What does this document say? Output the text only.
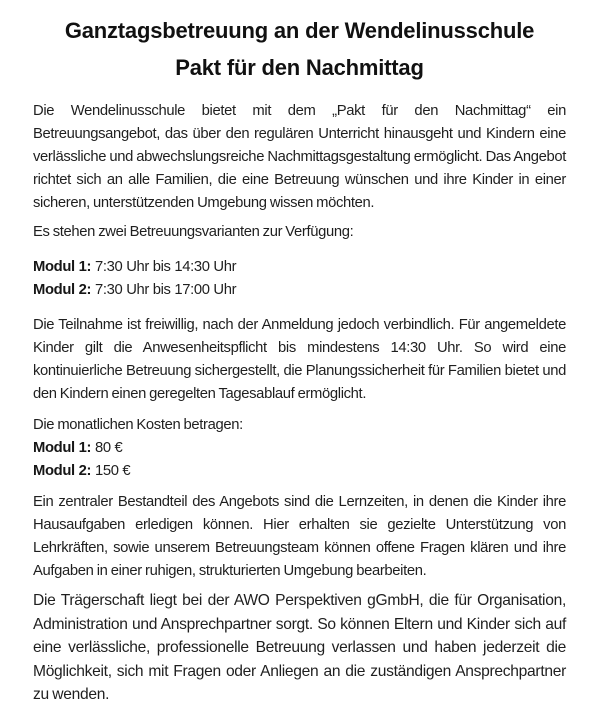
Ganztagsbetreuung an der Wendelinusschule
Pakt für den Nachmittag

Die Wendelinusschule bietet mit dem „Pakt für den Nachmittag“ ein Betreuungsangebot, das über den regulären Unterricht hinausgeht und Kindern eine verlässliche und abwechslungsreiche Nachmittagsgestaltung ermöglicht. Das Angebot richtet sich an alle Familien, die eine Betreuung wünschen und ihre Kinder in einer sicheren, unterstützenden Umgebung wissen möchten.

Es stehen zwei Betreuungsvarianten zur Verfügung:

Modul 1: 7:30 Uhr bis 14:30 Uhr
Modul 2: 7:30 Uhr bis 17:00 Uhr

Die Teilnahme ist freiwillig, nach der Anmeldung jedoch verbindlich. Für angemeldete Kinder gilt die Anwesenheitspflicht bis mindestens 14:30 Uhr. So wird eine kontinuierliche Betreuung sichergestellt, die Planungssicherheit für Familien bietet und den Kindern einen geregelten Tagesablauf ermöglicht.

Die monatlichen Kosten betragen:

Modul 1: 80 €
Modul 2: 150 €

Ein zentraler Bestandteil des Angebots sind die Lernzeiten, in denen die Kinder ihre Hausaufgaben erledigen können. Hier erhalten sie gezielte Unterstützung von Lehrkräften, sowie unserem Betreuungsteam können offene Fragen klären und ihre Aufgaben in einer ruhigen, strukturierten Umgebung bearbeiten.

Die Trägerschaft liegt bei der AWO Perspektiven gGmbH, die für Organisation, Administration und Ansprechpartner sorgt. So können Eltern und Kinder sich auf eine verlässliche, professionelle Betreuung verlassen und haben jederzeit die Möglichkeit, sich mit Fragen oder Anliegen an die zuständigen Ansprechpartner zu wenden.
